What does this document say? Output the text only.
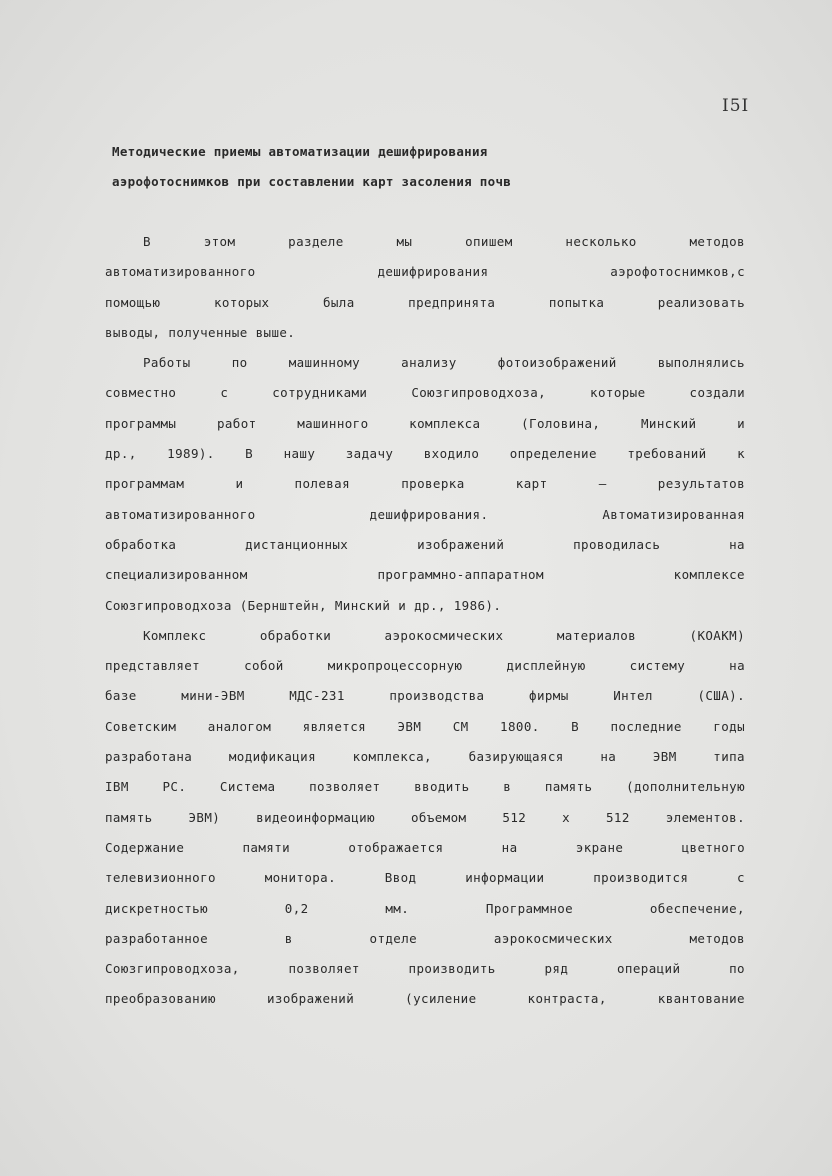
I5I
Методические приемы автоматизации дешифрирования
аэрофотоснимков при составлении карт засоления почв
В этом разделе мы опишем несколько методов
автоматизированного дешифрирования аэрофотоснимков,с
помощью которых была предпринята попытка реализовать
выводы, полученные выше.
Работы по машинному анализу фотоизображений выполнялись
совместно с сотрудниками Союзгипроводхоза, которые создали
программы работ машинного комплекса (Головина, Минский и
др., 1989). В нашу задачу входило определение требований к
программам и полевая проверка карт – результатов
автоматизированного дешифрирования. Автоматизированная
обработка дистанционных изображений проводилась на
специализированном программно-аппаратном комплексе
Союзгипроводхоза (Бернштейн, Минский и др., 1986).
Комплекс обработки аэрокосмических материалов (КОАКМ)
представляет собой микропроцессорную дисплейную систему на
базе мини-ЭВМ МДС-231 производства фирмы Интел (США).
Советским аналогом является ЭВМ СМ 1800. В последние годы
разработана модификация комплекса, базирующаяся на ЭВМ типа
IBM PC. Система позволяет вводить в память (дополнительную
память ЭВМ) видеоинформацию объемом 512 х 512 элементов.
Содержание памяти отображается на экране цветного
телевизионного монитора. Ввод информации производится с
дискретностью 0,2 мм. Программное обеспечение,
разработанное в отделе аэрокосмических методов
Союзгипроводхоза, позволяет производить ряд операций по
преобразованию изображений (усиление контраста, квантование
